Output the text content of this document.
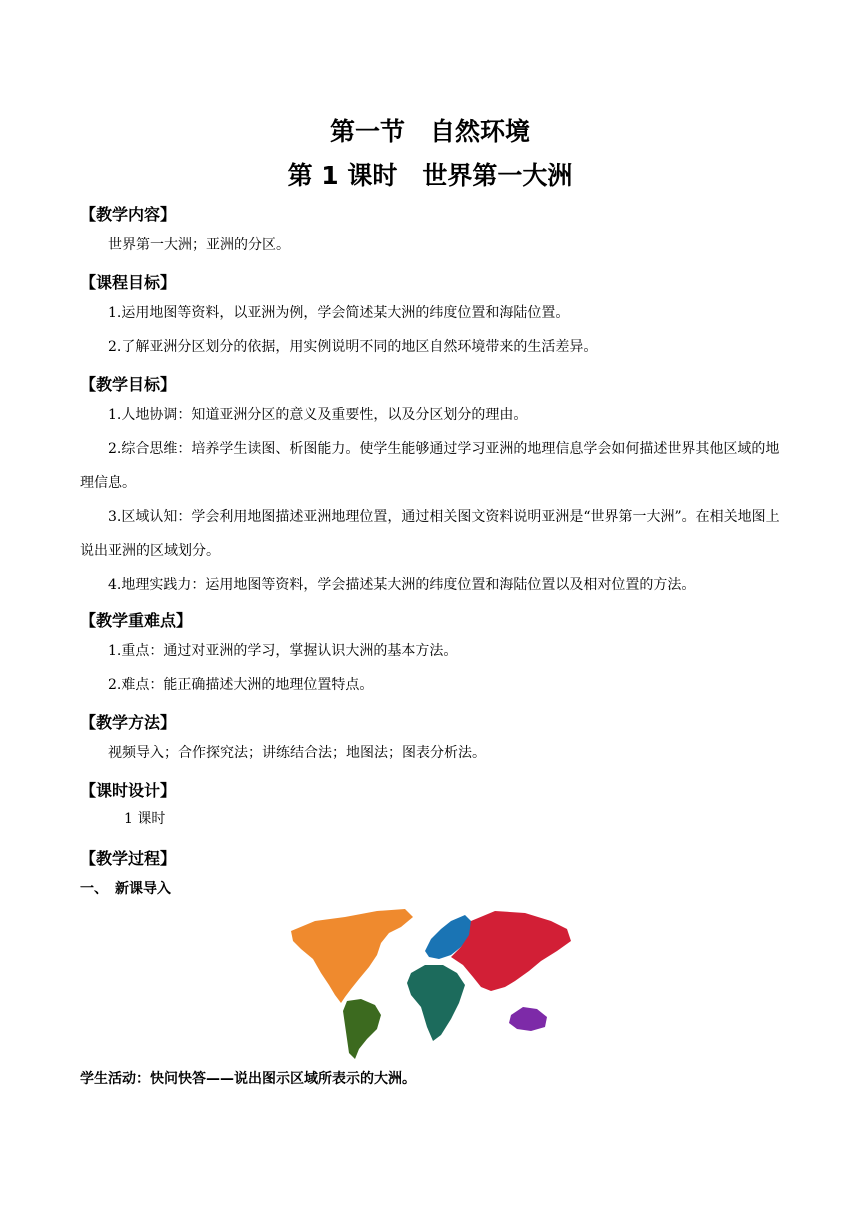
第一节　自然环境
第 1 课时　世界第一大洲
【教学内容】
世界第一大洲；亚洲的分区。
【课程目标】
1.运用地图等资料，以亚洲为例，学会简述某大洲的纬度位置和海陆位置。
2.了解亚洲分区划分的依据，用实例说明不同的地区自然环境带来的生活差异。
【教学目标】
1.人地协调：知道亚洲分区的意义及重要性，以及分区划分的理由。
2.综合思维：培养学生读图、析图能力。使学生能够通过学习亚洲的地理信息学会如何描述世界其他区域的地理信息。
3.区域认知：学会利用地图描述亚洲地理位置，通过相关图文资料说明亚洲是“世界第一大洲”。在相关地图上说出亚洲的区域划分。
4.地理实践力：运用地图等资料，学会描述某大洲的纬度位置和海陆位置以及相对位置的方法。
【教学重难点】
1.重点：通过对亚洲的学习，掌握认识大洲的基本方法。
2.难点：能正确描述大洲的地理位置特点。
【教学方法】
视频导入；合作探究法；讲练结合法；地图法；图表分析法。
【课时设计】
1 课时
【教学过程】
一、　新课导入
学生活动：快问快答——说出图示区域所表示的大洲。
